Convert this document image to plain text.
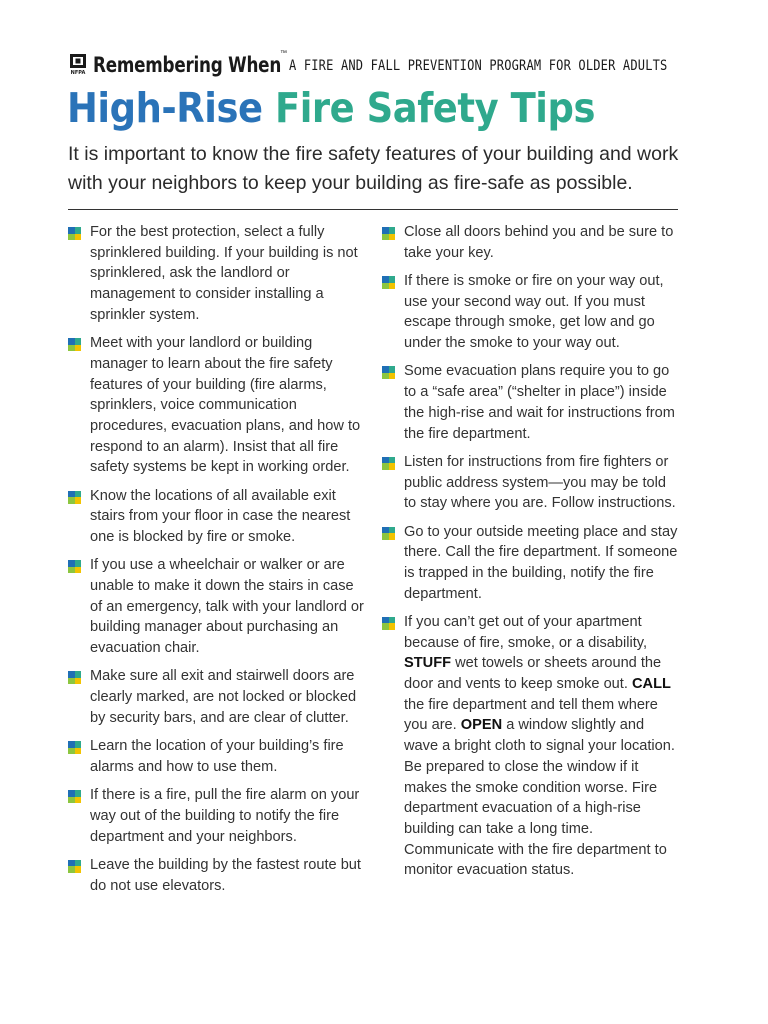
NFPA Remembering When
™
A FIRE AND FALL PREVENTION PROGRAM FOR OLDER ADULTS
High-Rise Fire Safety Tips

It is important to know the fire safety features of your building and work with your neighbors to keep your building as fire-safe as possible.

For the best protection, select a fully sprinklered building. If your building is not sprinklered, ask the landlord or management to consider installing a sprinkler system.
Meet with your landlord or building manager to learn about the fire safety features of your building (fire alarms, sprinklers, voice communication procedures, evacuation plans, and how to respond to an alarm). Insist that all fire safety systems be kept in working order.
Know the locations of all available exit stairs from your floor in case the nearest one is blocked by fire or smoke.
If you use a wheelchair or walker or are unable to make it down the stairs in case of an emergency, talk with your landlord or building manager about purchasing an evacuation chair.
Make sure all exit and stairwell doors are clearly marked, are not locked or blocked by security bars, and are clear of clutter.
Learn the location of your building’s fire alarms and how to use them.
If there is a fire, pull the fire alarm on your way out of the building to notify the fire department and your neighbors.
Leave the building by the fastest route but do not use elevators.
Close all doors behind you and be sure to take your key.
If there is smoke or fire on your way out, use your second way out. If you must escape through smoke, get low and go under the smoke to your way out.
Some evacuation plans require you to go to a “safe area” (“shelter in place”) inside the high-rise and wait for instructions from the fire department.
Listen for instructions from fire fighters or public address system—you may be told to stay where you are. Follow instructions.
Go to your outside meeting place and stay there. Call the fire department. If someone is trapped in the building, notify the fire department.
If you can’t get out of your apartment because of fire, smoke, or a disability, STUFF wet towels or sheets around the door and vents to keep smoke out. CALL the fire department and tell them where you are. OPEN a window slightly and wave a bright cloth to signal your location. Be prepared to close the window if it makes the smoke condition worse. Fire department evacuation of a high-rise building can take a long time. Communicate with the fire department to monitor evacuation status.
